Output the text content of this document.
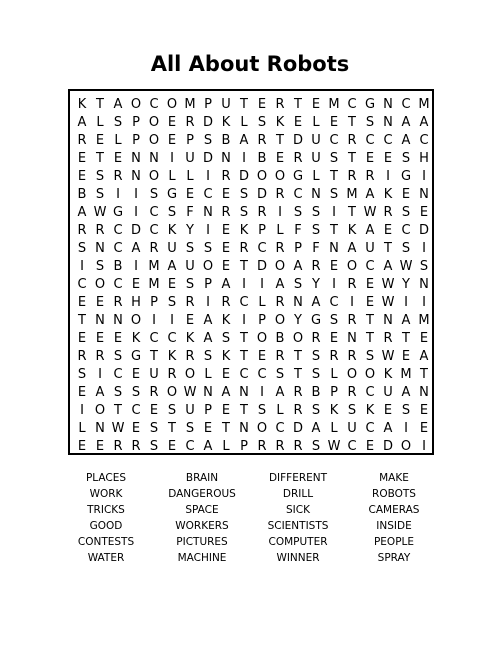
All About Robots
K T A O C O M P U T E R T E M C G N C M
A L S P O E R D K L S K E L E T S N A A
R E L P O E P S B A R T D U C R C C A C
E T E N N I U D N I B E R U S T E E S H
E S R N O L L I R D O O G L T R R I G I
B S I	I S G E C E S D R C N S M A K E N
A W G I C S F N R S R I S S I T W R S E
R R C D C K Y I E K P L F S T K A E C D
S N C A R U S S E R C R P F N A U T S I
I S B I M A U O E T D O A R E O C A W S
C O C E M E S P A I	I A S Y I R E W Y N
E E R H P S R I R C L R N A C I E W I	I
T N N O I	I E A K I P O Y G S R T N A M
E E E K C C K A S T O B O R E N T R T E
R R S G T K R S K T E R T S R R S W E A
S I C E U R O L E C C S T S L O O K M T
E A S S R O W N A N I A R B P R C U A N
I O T C E S U P E T S L R S K S K E S E
L N W E S T S E T N O C D A L U C A I E
E E R R S E C A L P R R R S W C E D O I
PLACES	BRAIN	DIFFERENT	MAKE
WORK	DANGEROUS	DRILL	ROBOTS
TRICKS	SPACE	SICK	CAMERAS
GOOD	WORKERS	SCIENTISTS	INSIDE
CONTESTS	PICTURES	COMPUTER	PEOPLE
WATER	MACHINE	WINNER	SPRAY
